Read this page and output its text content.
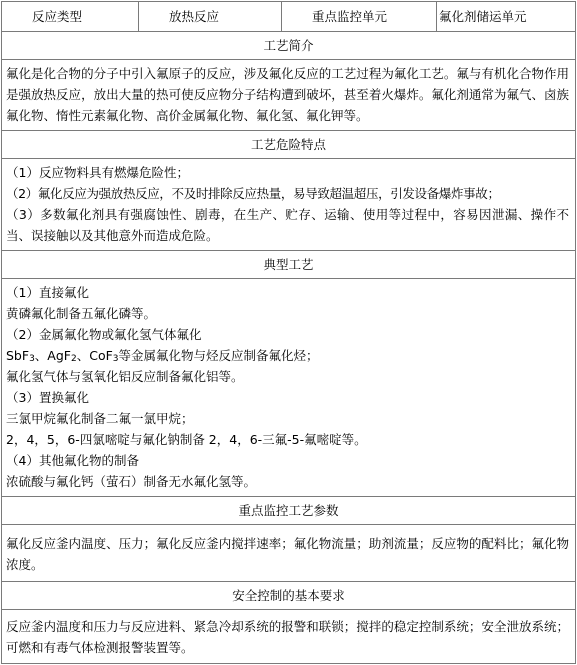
反应类型	放热反应	重点监控单元	氟化剂储运单元
工艺简介
氟化是化合物的分子中引入氟原子的反应，涉及氟化反应的工艺过程为氟化工艺。氟与有机化合物作用是强放热反应，放出大量的热可使反应物分子结构遭到破坏，甚至着火爆炸。氟化剂通常为氟气、卤族氟化物、惰性元素氟化物、高价金属氟化物、氟化氢、氟化钾等。
工艺危险特点

（1）反应物料具有燃爆危险性；

（2）氟化反应为强放热反应，不及时排除反应热量，易导致超温超压，引发设备爆炸事故；

（3）多数氟化剂具有强腐蚀性、剧毒，在生产、贮存、运输、使用等过程中，容易因泄漏、操作不当、误接触以及其他意外而造成危险。

典型工艺

（1）直接氟化

黄磷氟化制备五氟化磷等。

（2）金属氟化物或氟化氢气体氟化

SbF$_3$、AgF$_2$、CoF$_3$等金属氟化物与烃反应制备氟化烃；

氟化氢气体与氢氧化铝反应制备氟化铝等。

（3）置换氟化

三氯甲烷氟化制备二氟一氯甲烷；

2，4，5，6-四氯嘧啶与氟化钠制备 2，4，6-三氟-5-氟嘧啶等。

（4）其他氟化物的制备

浓硫酸与氟化钙（萤石）制备无水氟化氢等。

重点监控工艺参数
氟化反应釜内温度、压力；氟化反应釜内搅拌速率；氟化物流量；助剂流量；反应物的配料比；氟化物浓度。
安全控制的基本要求
反应釜内温度和压力与反应进料、紧急冷却系统的报警和联锁；搅拌的稳定控制系统；安全泄放系统；可燃和有毒气体检测报警装置等。
